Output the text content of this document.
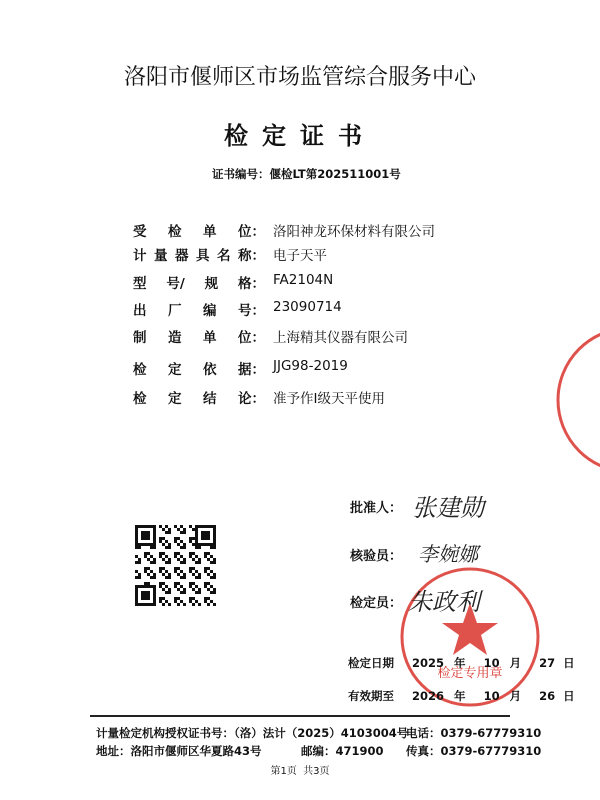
洛阳市偃师区市场监管综合服务中心
检定证书
证书编号：偃检LT第202511001号
受 检 单 位： 洛阳神龙环保材料有限公司
计 量 器 具 名 称： 电子天平
型 号/ 规 格： FA2104N
出 厂 编 号： 23090714
制 造 单 位： 上海精其仪器有限公司
检 定 依 据： JJG98-2019
检 定 结 论： 准予作I级天平使用
批准人： 张建勋
核验员： 李婉娜
检定专用章
检定员： 朱政利
检定日期 2025 年 10 月 27 日
有效期至 2026 年 10 月 26 日
计量检定机构授权证书号：（洛）法计（2025）4103004号
电话：0379-67779310
地址：洛阳市偃师区华夏路43号	邮编：471900 传真：0379-67779310
第1页  共3页
